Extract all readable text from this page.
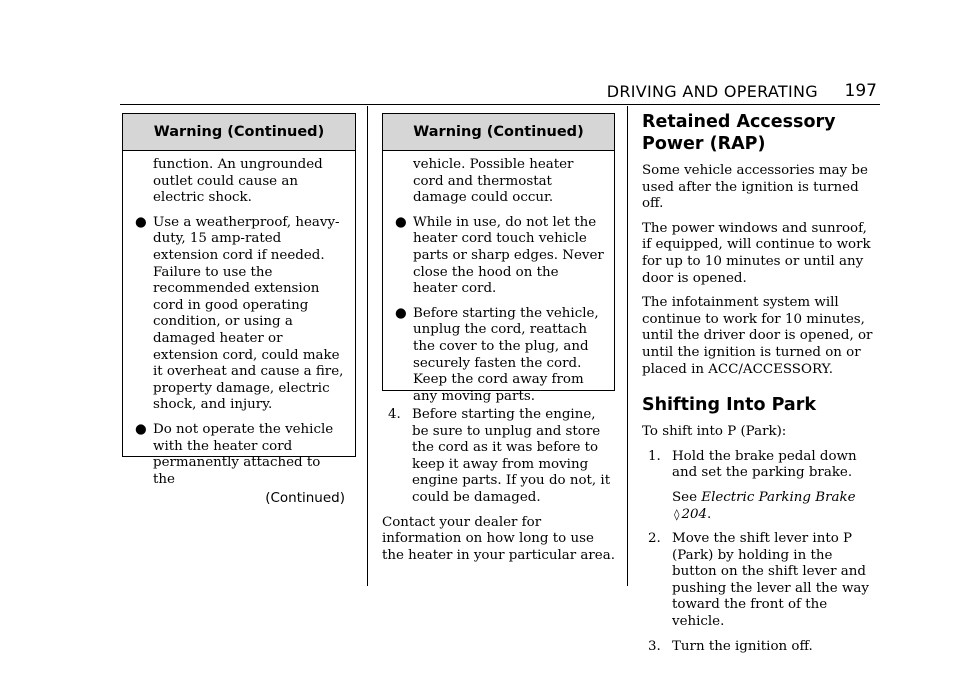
DRIVING AND OPERATING 197
Warning (Continued)

function. An ungrounded outlet could cause an electric shock.

● Use a weatherproof, heavy-duty, 15 amp-rated extension cord if needed. Failure to use the recommended extension cord in good operating condition, or using a damaged heater or extension cord, could make it overheat and cause a fire, property damage, electric shock, and injury.
● Do not operate the vehicle with the heater cord permanently attached to the
(Continued)
Warning (Continued)

vehicle. Possible heater cord and thermostat damage could occur.

● While in use, do not let the heater cord touch vehicle parts or sharp edges. Never close the hood on the heater cord.
● Before starting the vehicle, unplug the cord, reattach the cover to the plug, and securely fasten the cord. Keep the cord away from any moving parts.
4. Before starting the engine, be sure to unplug and store the cord as it was before to keep it away from moving engine parts. If you do not, it could be damaged.

Contact your dealer for information on how long to use the heater in your particular area.

Retained Accessory Power (RAP)

Some vehicle accessories may be used after the ignition is turned off.

The power windows and sunroof, if equipped, will continue to work for up to 10 minutes or until any door is opened.

The infotainment system will continue to work for 10 minutes, until the driver door is opened, or until the ignition is turned on or placed in ACC/ACCESSORY.

Shifting Into Park

To shift into P (Park):

1. Hold the brake pedal down and set the parking brake.
See Electric Parking Brake ◊ 204.
2. Move the shift lever into P (Park) by holding in the button on the shift lever and pushing the lever all the way toward the front of the vehicle.
3. Turn the ignition off.
